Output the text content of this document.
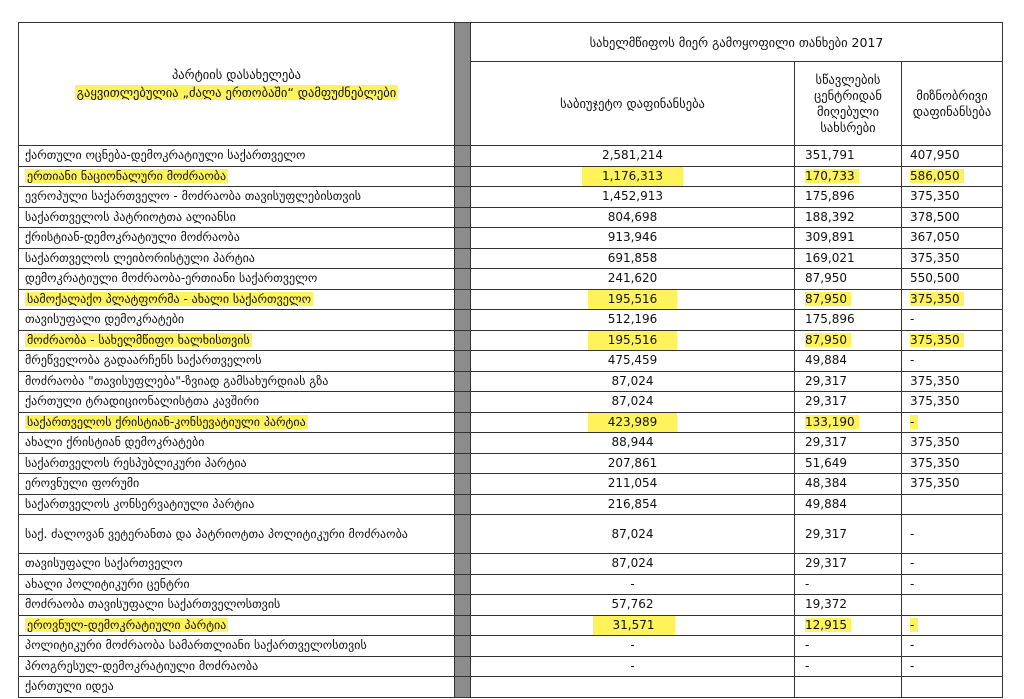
პარტიის დასახელება
გაყვითლებულია „ძალა ერთობაში“ დამფუძნებლები		სახელმწიფოს მიერ გამოყოფილი თანხები 2017		
		საბიუჯეტო დაფინანსება	სწავლების ცენტრიდან მიღებული სახსრები	მიზნობრივი დაფინანსება
ქართული ოცნება-დემოკრატიული საქართველო		2,581,214	351,791	407,950
ერთიანი ნაციონალური მოძრაობა		1,176,313	170,733	586,050
ევროპული საქართველო - მოძრაობა თავისუფლებისთვის		1,452,913	175,896	375,350
საქართველოს პატრიოტთა ალიანსი		804,698	188,392	378,500
ქრისტიან-დემოკრატიული მოძრაობა		913,946	309,891	367,050
საქართველოს ლეიბორისტული პარტია		691,858	169,021	375,350
დემოკრატიული მოძრაობა-ერთიანი საქართველო		241,620	87,950	550,500
სამოქალაქო პლატფორმა - ახალი საქართველო		195,516	87,950	375,350
თავისუფალი დემოკრატები		512,196	175,896	-
მოძრაობა - სახელმწიფო ხალხისთვის		195,516	87,950	375,350
მრეწველობა გადაარჩენს საქართველოს		475,459	49,884	-
მოძრაობა "თავისუფლება"-ზვიად გამსახურდიას გზა		87,024	29,317	375,350
ქართული ტრადიციონალისტთა კავშირი		87,024	29,317	375,350
საქართველოს ქრისტიან-კონსევატიული პარტია		423,989	133,190	-
ახალი ქრისტიან დემოკრატები		88,944	29,317	375,350
საქართველოს რესპუბლიკური პარტია		207,861	51,649	375,350
ეროვნული ფორუმი		211,054	48,384	375,350
საქართველოს კონსერვატიული პარტია		216,854	49,884	
საქ. ძალოვან ვეტერანთა და პატრიოტთა პოლიტიკური მოძრაობა		87,024	29,317	-
თავისუფალი საქართველო		87,024	29,317	-
ახალი პოლიტიკური ცენტრი		-	-	-
მოძრაობა თავისუფალი საქართველოსთვის		57,762	19,372	
ეროვნულ-დემოკრატიული პარტია		31,571	12,915	-
პოლიტიკური მოძრაობა სამართლიანი საქართველოსთვის		-	-	-
პროგრესულ-დემოკრატიული მოძრაობა		-	-	-
ქართული იდეა				
